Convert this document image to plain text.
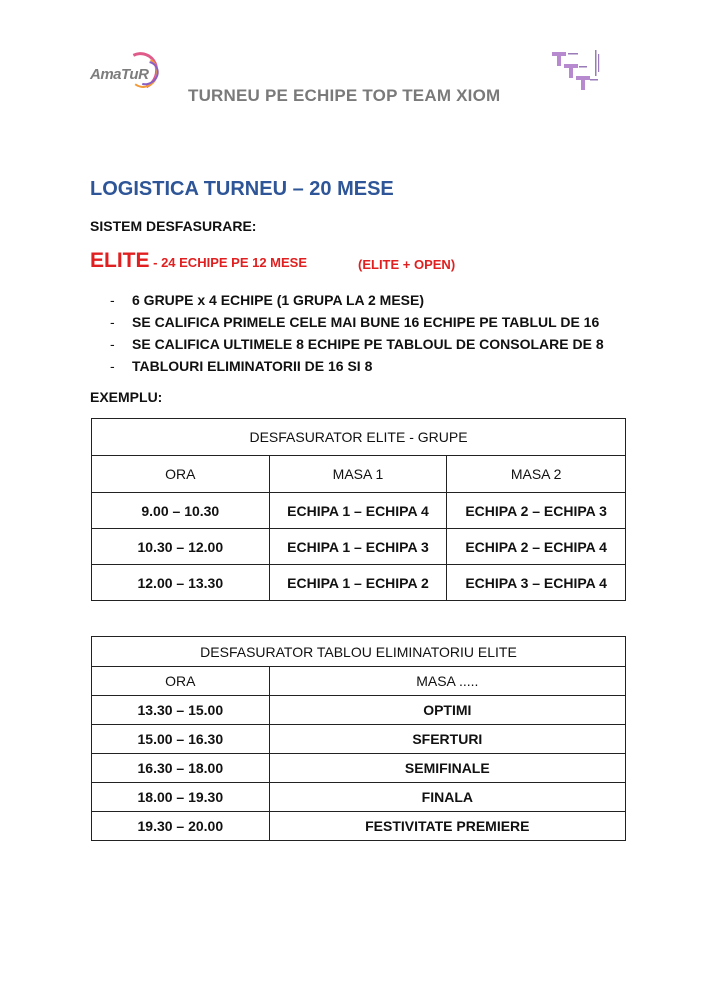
AmaTuR
TURNEU PE ECHIPE TOP TEAM XIOM
LOGISTICA TURNEU – 20 MESE
SISTEM DESFASURARE:
ELITE - 24 ECHIPE PE 12 MESE	(ELITE + OPEN)
- 6 GRUPE x 4 ECHIPE (1 GRUPA LA 2 MESE)
- SE CALIFICA PRIMELE CELE MAI BUNE 16 ECHIPE PE TABLUL DE 16
- SE CALIFICA ULTIMELE 8 ECHIPE PE TABLOUL DE CONSOLARE DE 8
- TABLOURI ELIMINATORII DE 16 SI 8
EXEMPLU:
DESFASURATOR ELITE - GRUPE		
ORA	MASA 1	MASA 2
9.00 – 10.30	ECHIPA 1 – ECHIPA 4	ECHIPA 2 – ECHIPA 3
10.30 – 12.00	ECHIPA 1 – ECHIPA 3	ECHIPA 2 – ECHIPA 4
12.00 – 13.30	ECHIPA 1 – ECHIPA 2	ECHIPA 3 – ECHIPA 4
DESFASURATOR TABLOU ELIMINATORIU ELITE	
ORA	MASA .....
13.30 – 15.00	OPTIMI
15.00 – 16.30	SFERTURI
16.30 – 18.00	SEMIFINALE
18.00 – 19.30	FINALA
19.30 – 20.00	FESTIVITATE PREMIERE
